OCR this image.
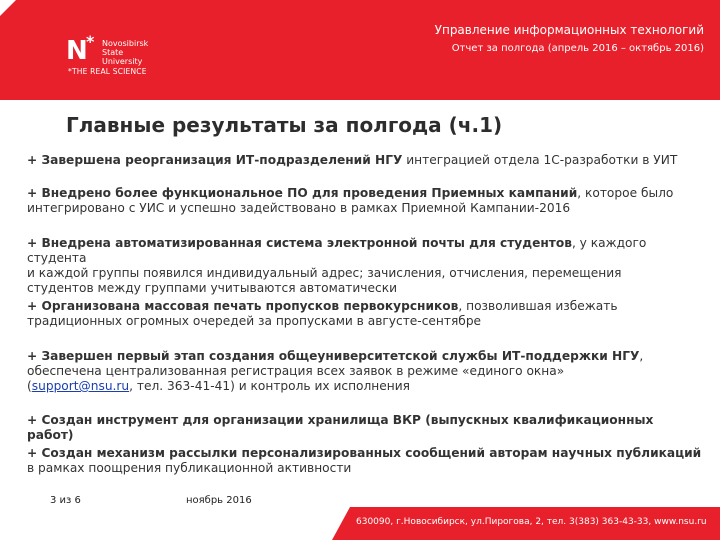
N
* Novosibirsk
State
University
*THE REAL SCIENCE
Управление информационных технологий
Отчет за полгода (апрель 2016 – октябрь 2016)
Главные результаты за полгода (ч.1)
+ Завершена реорганизация ИТ-подразделений НГУ интеграцией отдела 1С-разработки в УИТ
+ Внедрено более функциональное ПО для проведения Приемных кампаний, которое было
интегрировано с УИС и успешно задействовано в рамках Приемной Кампании-2016
+ Внедрена автоматизированная система электронной почты для студентов, у каждого студента
и каждой группы появился индивидуальный адрес; зачисления, отчисления, перемещения
студентов между группами учитываются автоматически
+ Организована массовая печать пропусков первокурсников, позволившая избежать
традиционных огромных очередей за пропусками в августе-сентябре
+ Завершен первый этап создания общеуниверситетской службы ИТ-поддержки НГУ,
обеспечена централизованная регистрация всех заявок в режиме «единого окна»
(support@nsu.ru, тел. 363-41-41) и контроль их исполнения
+ Создан инструмент для организации хранилища ВКР (выпускных квалификационных работ)
+ Создан механизм рассылки персонализированных сообщений авторам научных публикаций
в рамках поощрения публикационной активности
3 из 6	ноябрь 2016
630090, г.Новосибирск, ул.Пирогова, 2, тел. 3(383) 363-43-33, www.nsu.ru
